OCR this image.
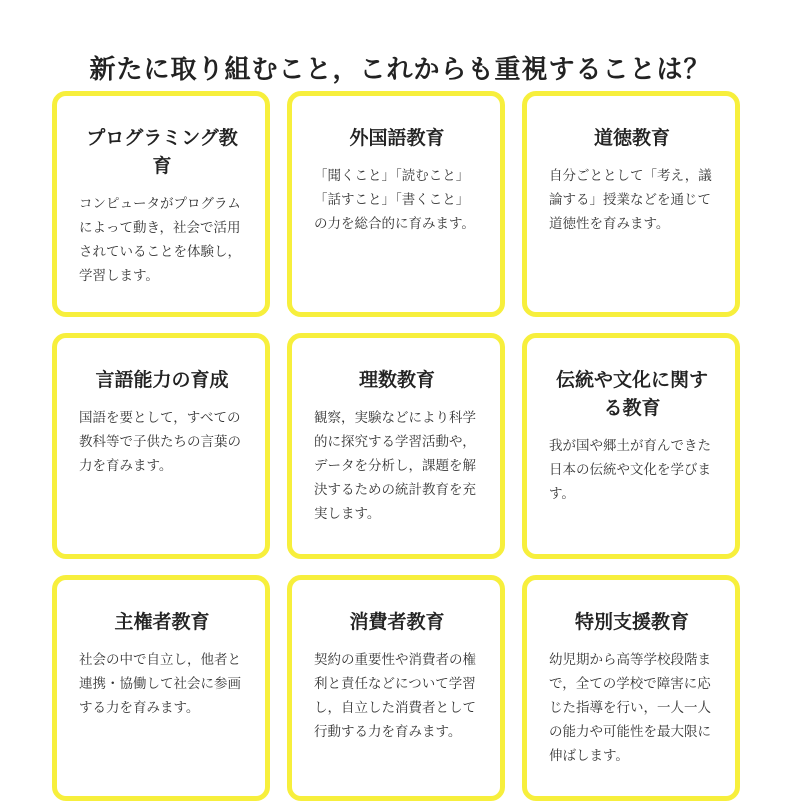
新たに取り組むこと，これからも重視することは？
プログラミング教育

コンピュータがプログラムによって動き，社会で活用されていることを体験し，学習します。

外国語教育

「聞くこと」「読むこと」「話すこと」「書くこと」の力を総合的に育みます。

道徳教育

自分ごととして「考え，議論する」授業などを通じて道徳性を育みます。

言語能力の育成

国語を要として，すべての教科等で子供たちの言葉の力を育みます。

理数教育

観察，実験などにより科学的に探究する学習活動や，データを分析し，課題を解決するための統計教育を充実します。

伝統や文化に関する教育

我が国や郷土が育んできた日本の伝統や文化を学びます。

主権者教育

社会の中で自立し，他者と連携・協働して社会に参画する力を育みます。

消費者教育

契約の重要性や消費者の権利と責任などについて学習し，自立した消費者として行動する力を育みます。

特別支援教育

幼児期から高等学校段階まで，全ての学校で障害に応じた指導を行い，一人一人の能力や可能性を最大限に伸ばします。
